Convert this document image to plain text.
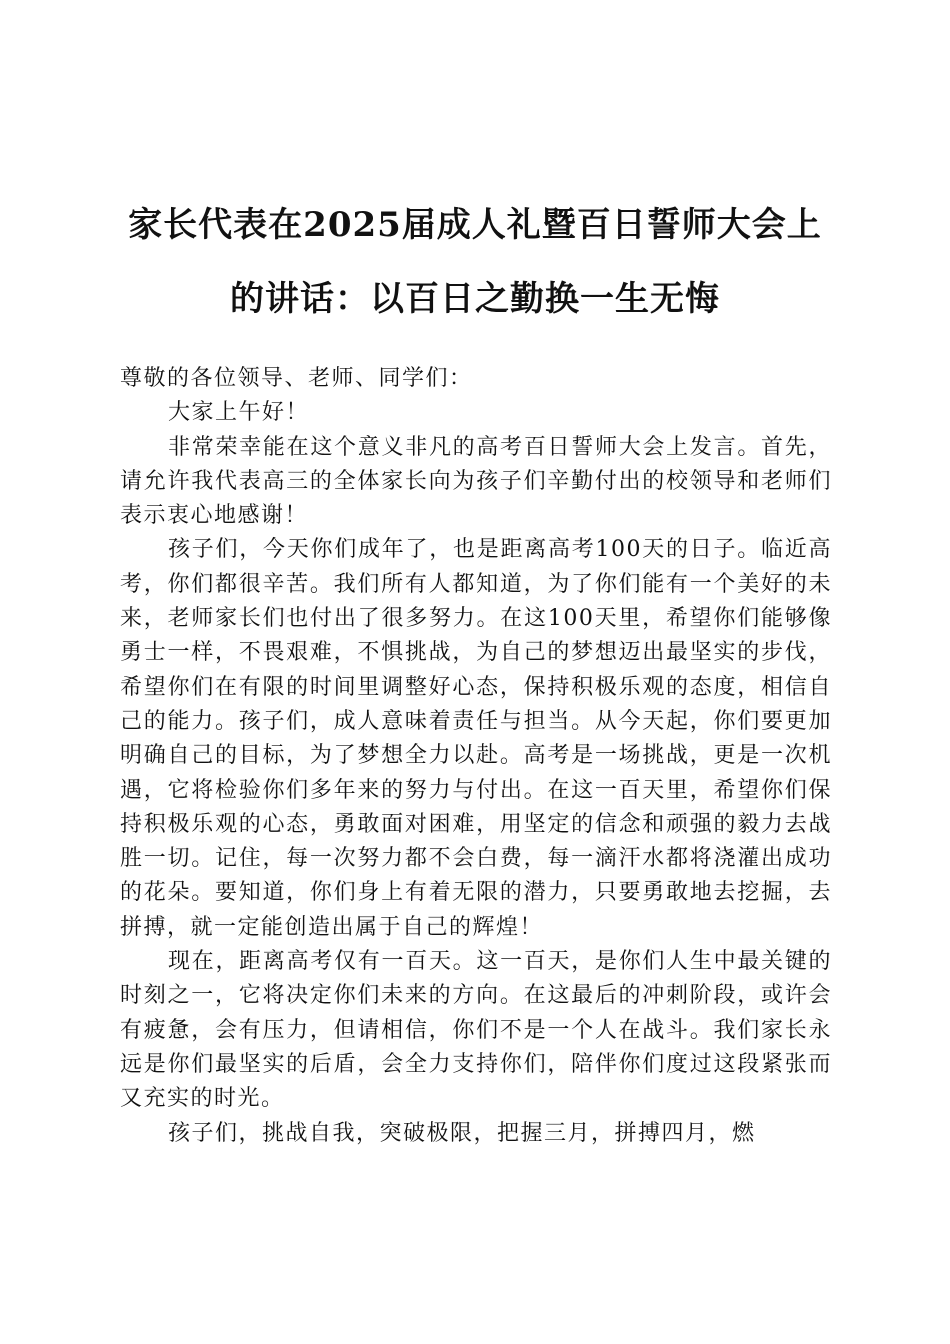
家长代表在2025届成人礼暨百日誓师大会上
的讲话：以百日之勤换一生无悔

尊敬的各位领导、老师、同学们：

大家上午好！

非常荣幸能在这个意义非凡的高考百日誓师大会上发言。首先，请允许我代表高三的全体家长向为孩子们辛勤付出的校领导和老师们表示衷心地感谢！

孩子们，今天你们成年了，也是距离高考100天的日子。临近高考，你们都很辛苦。我们所有人都知道，为了你们能有一个美好的未来，老师家长们也付出了很多努力。在这100天里，希望你们能够像勇士一样，不畏艰难，不惧挑战，为自己的梦想迈出最坚实的步伐，希望你们在有限的时间里调整好心态，保持积极乐观的态度，相信自己的能力。孩子们，成人意味着责任与担当。从今天起，你们要更加明确自己的目标，为了梦想全力以赴。高考是一场挑战，更是一次机遇，它将检验你们多年来的努力与付出。在这一百天里，希望你们保持积极乐观的心态，勇敢面对困难，用坚定的信念和顽强的毅力去战胜一切。记住，每一次努力都不会白费，每一滴汗水都将浇灌出成功的花朵。要知道，你们身上有着无限的潜力，只要勇敢地去挖掘，去拼搏，就一定能创造出属于自己的辉煌！

现在，距离高考仅有一百天。这一百天，是你们人生中最关键的时刻之一，它将决定你们未来的方向。在这最后的冲刺阶段，或许会有疲惫，会有压力，但请相信，你们不是一个人在战斗。我们家长永远是你们最坚实的后盾，会全力支持你们，陪伴你们度过这段紧张而又充实的时光。

孩子们，挑战自我，突破极限，把握三月，拼搏四月，燃
